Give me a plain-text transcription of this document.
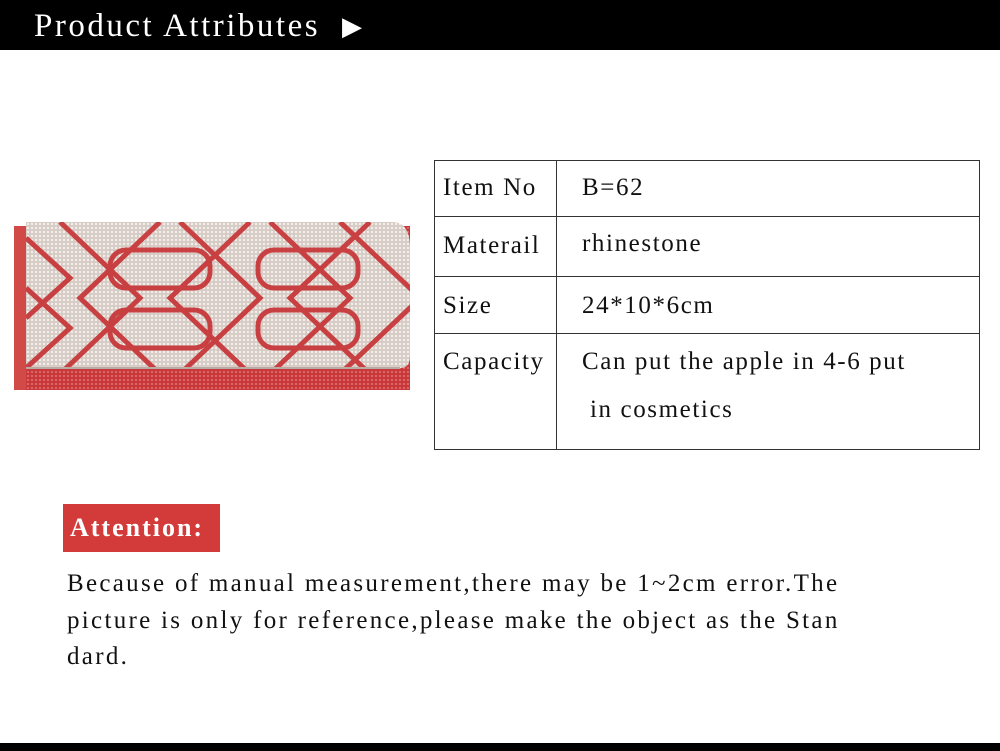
Product Attributes ▶
Item No	B=62

Materail	rhinestone

Size	24*10*6cm

Capacity	Can put the apple in 4-6 put
in cosmetics
Attention:
Because of manual measurement,there may be 1~2cm error.The
picture is only for reference,please make the object as the Stan
dard.
